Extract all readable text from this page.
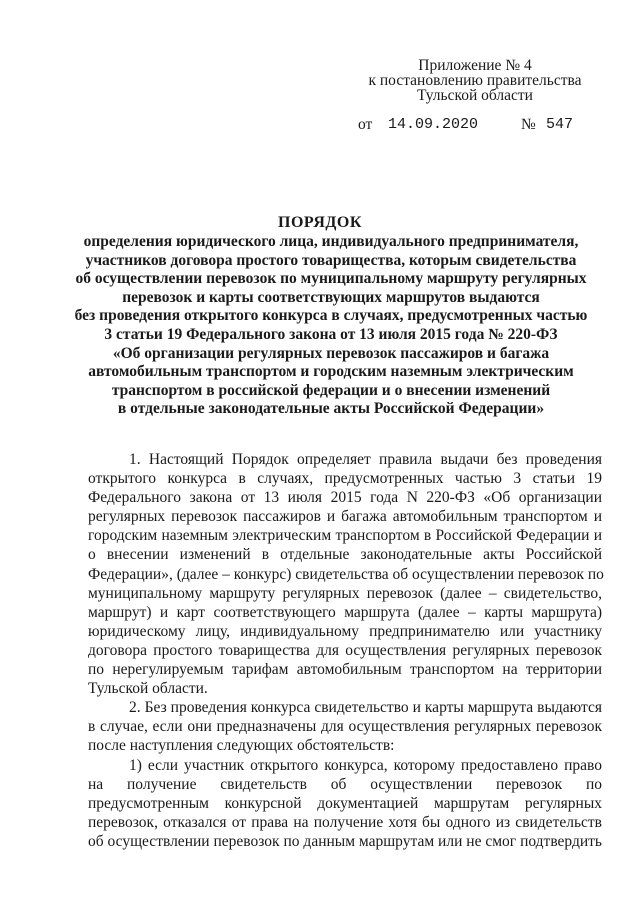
Приложение № 4
к постановлению правительства
Тульской области
от 14.09.2020	№ 547
ПОРЯДОК
определения юридического лица, индивидуального предпринимателя,
участников договора простого товарищества, которым свидетельства
об осуществлении перевозок по муниципальному маршруту регулярных
перевозок и карты соответствующих маршрутов выдаются
без проведения открытого конкурса в случаях, предусмотренных частью
3 статьи 19 Федерального закона от 13 июля 2015 года № 220-ФЗ
«Об организации регулярных перевозок пассажиров и багажа
автомобильным транспортом и городским наземным электрическим
транспортом в российской федерации и о внесении изменений
в отдельные законодательные акты Российской Федерации»
1. Настоящий Порядок определяет правила выдачи без проведения
открытого конкурса в случаях, предусмотренных частью 3 статьи 19
Федерального закона от 13 июля 2015 года N 220-ФЗ «Об организации
регулярных перевозок пассажиров и багажа автомобильным транспортом и
городским наземным электрическим транспортом в Российской Федерации и
о внесении изменений в отдельные законодательные акты Российской
Федерации», (далее – конкурс) свидетельства об осуществлении перевозок по
муниципальному маршруту регулярных перевозок (далее – свидетельство,
маршрут) и карт соответствующего маршрута (далее – карты маршрута)
юридическому лицу, индивидуальному предпринимателю или участнику
договора простого товарищества для осуществления регулярных перевозок
по нерегулируемым тарифам автомобильным транспортом на территории
Тульской области.
2. Без проведения конкурса свидетельство и карты маршрута выдаются
в случае, если они предназначены для осуществления регулярных перевозок
после наступления следующих обстоятельств:
1) если участник открытого конкурса, которому предоставлено право
на получение свидетельств об осуществлении перевозок по
предусмотренным конкурсной документацией маршрутам регулярных
перевозок, отказался от права на получение хотя бы одного из свидетельств
об осуществлении перевозок по данным маршрутам или не смог подтвердить
